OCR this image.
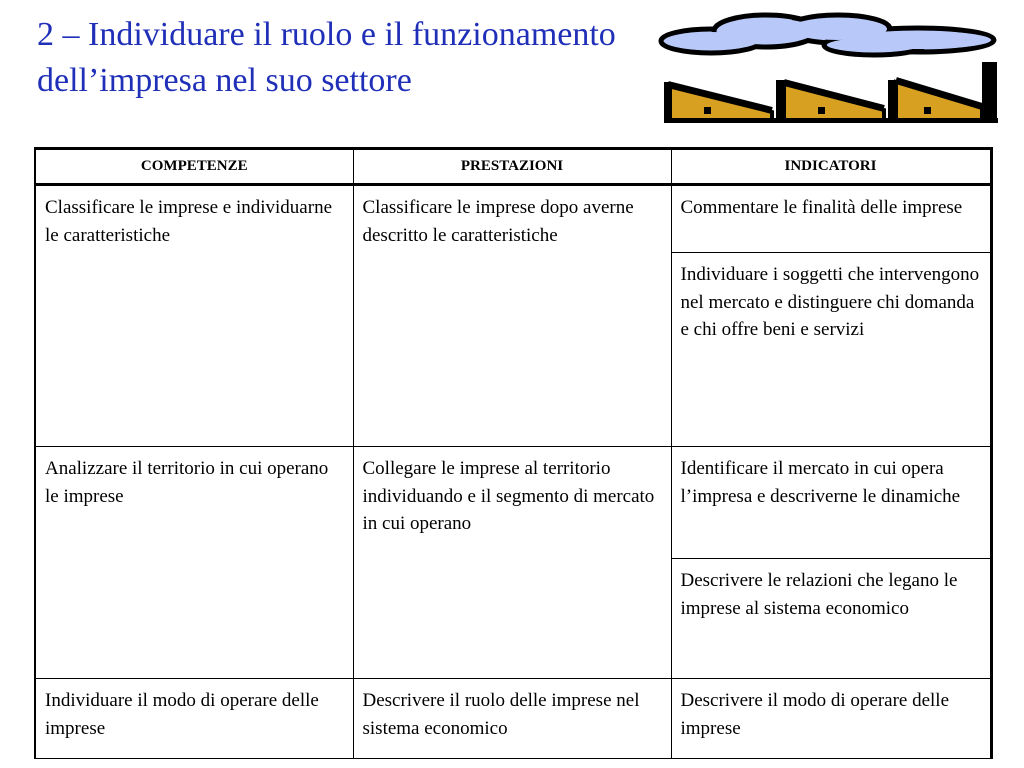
2 – Individuare il ruolo e il funzionamento dell’impresa nel suo settore
COMPETENZE	PRESTAZIONI	INDICATORI
Classificare le imprese e individuarne le caratteristiche	Classificare le imprese dopo averne descritto le caratteristiche	Commentare le finalità delle imprese
		Individuare i soggetti che intervengono nel mercato e distinguere chi domanda e chi offre beni e servizi
Analizzare il territorio in cui operano le imprese	Collegare le imprese al territorio individuando e il segmento di mercato in cui operano	Identificare il mercato in cui opera l’impresa e descriverne le dinamiche
		Descrivere le relazioni che legano le imprese al sistema economico
Individuare il modo di operare delle imprese	Descrivere il ruolo delle imprese nel sistema economico	Descrivere il modo di operare delle imprese
